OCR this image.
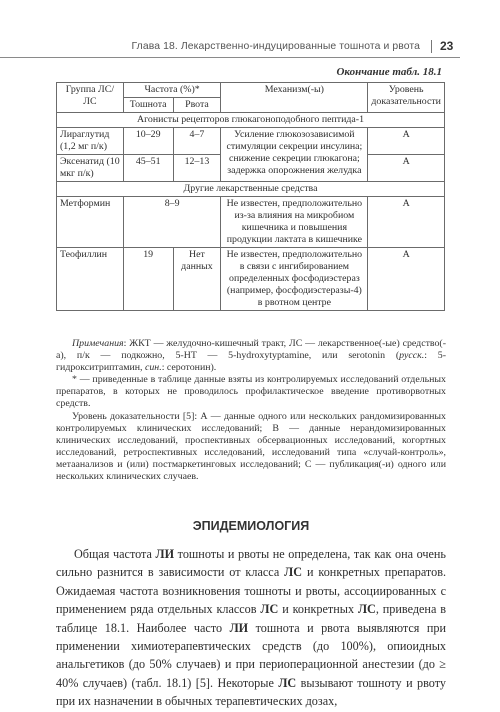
Глава 18. Лекарственно-индуцированные тошнота и рвота 23
Окончание табл. 18.1
Группа ЛС/ ЛС	Частота (%)*		Механизм(-ы)	Уровень доказательности
	Тошнота	Рвота		
Агонисты рецепторов глюкагоноподобного пептида-1				
Лираглутид (1,2 мг п/к)	10–29	4–7	Усиление глюкозозависимой стимуляции секреции инсулина; снижение секреции глюкагона; задержка опорожнения желудка	А
Эксенатид (10 мкг п/к)	45–51	12–13		А
Другие лекарственные средства				
Метформин	8–9		Не известен, предположительно из-за влияния на микробиом кишечника и повышения продукции лактата в кишечнике	А
Теофиллин	19	Нет данных	Не известен, предположительно в связи с ингибированием определенных фосфодиэстераз (например, фосфодиэстеразы-4) в рвотном центре	А

Примечания: ЖКТ — желудочно-кишечный тракт, ЛС — лекарственное(-ые) средство(-а), п/к — подкожно, 5-HT — 5-hydroxytyptamine, или serotonin (русск.: 5-гидрокситриптамин, син.: серотонин).

* — приведенные в таблице данные взяты из контролируемых исследований отдельных препаратов, в которых не проводилось профилактическое введение противорвотных средств.

Уровень доказательности [5]: А — данные одного или нескольких рандомизированных контролируемых клинических исследований; B — данные нерандомизированных клинических исследований, проспективных обсервационных исследований, когортных исследований, ретроспективных исследований, исследований типа «случай-контроль», метаанализов и (или) постмаркетинговых исследований; С — публикация(-и) одного или нескольких клинических случаев.

ЭПИДЕМИОЛОГИЯ

Общая частота ЛИ тошноты и рвоты не определена, так как она очень сильно разнится в зависимости от класса ЛС и конкретных препаратов. Ожидаемая частота возникновения тошноты и рвоты, ассоциированных с применением ряда отдельных классов ЛС и конкретных ЛС, приведена в таблице 18.1. Наиболее часто ЛИ тошнота и рвота выявляются при применении химиотерапевтических средств (до 100%), опиоидных анальгетиков (до 50% случаев) и при периоперационной анестезии (до ≥ 40% случаев) (табл. 18.1) [5]. Некоторые ЛС вызывают тошноту и рвоту при их назначении в обычных терапевтических дозах,
